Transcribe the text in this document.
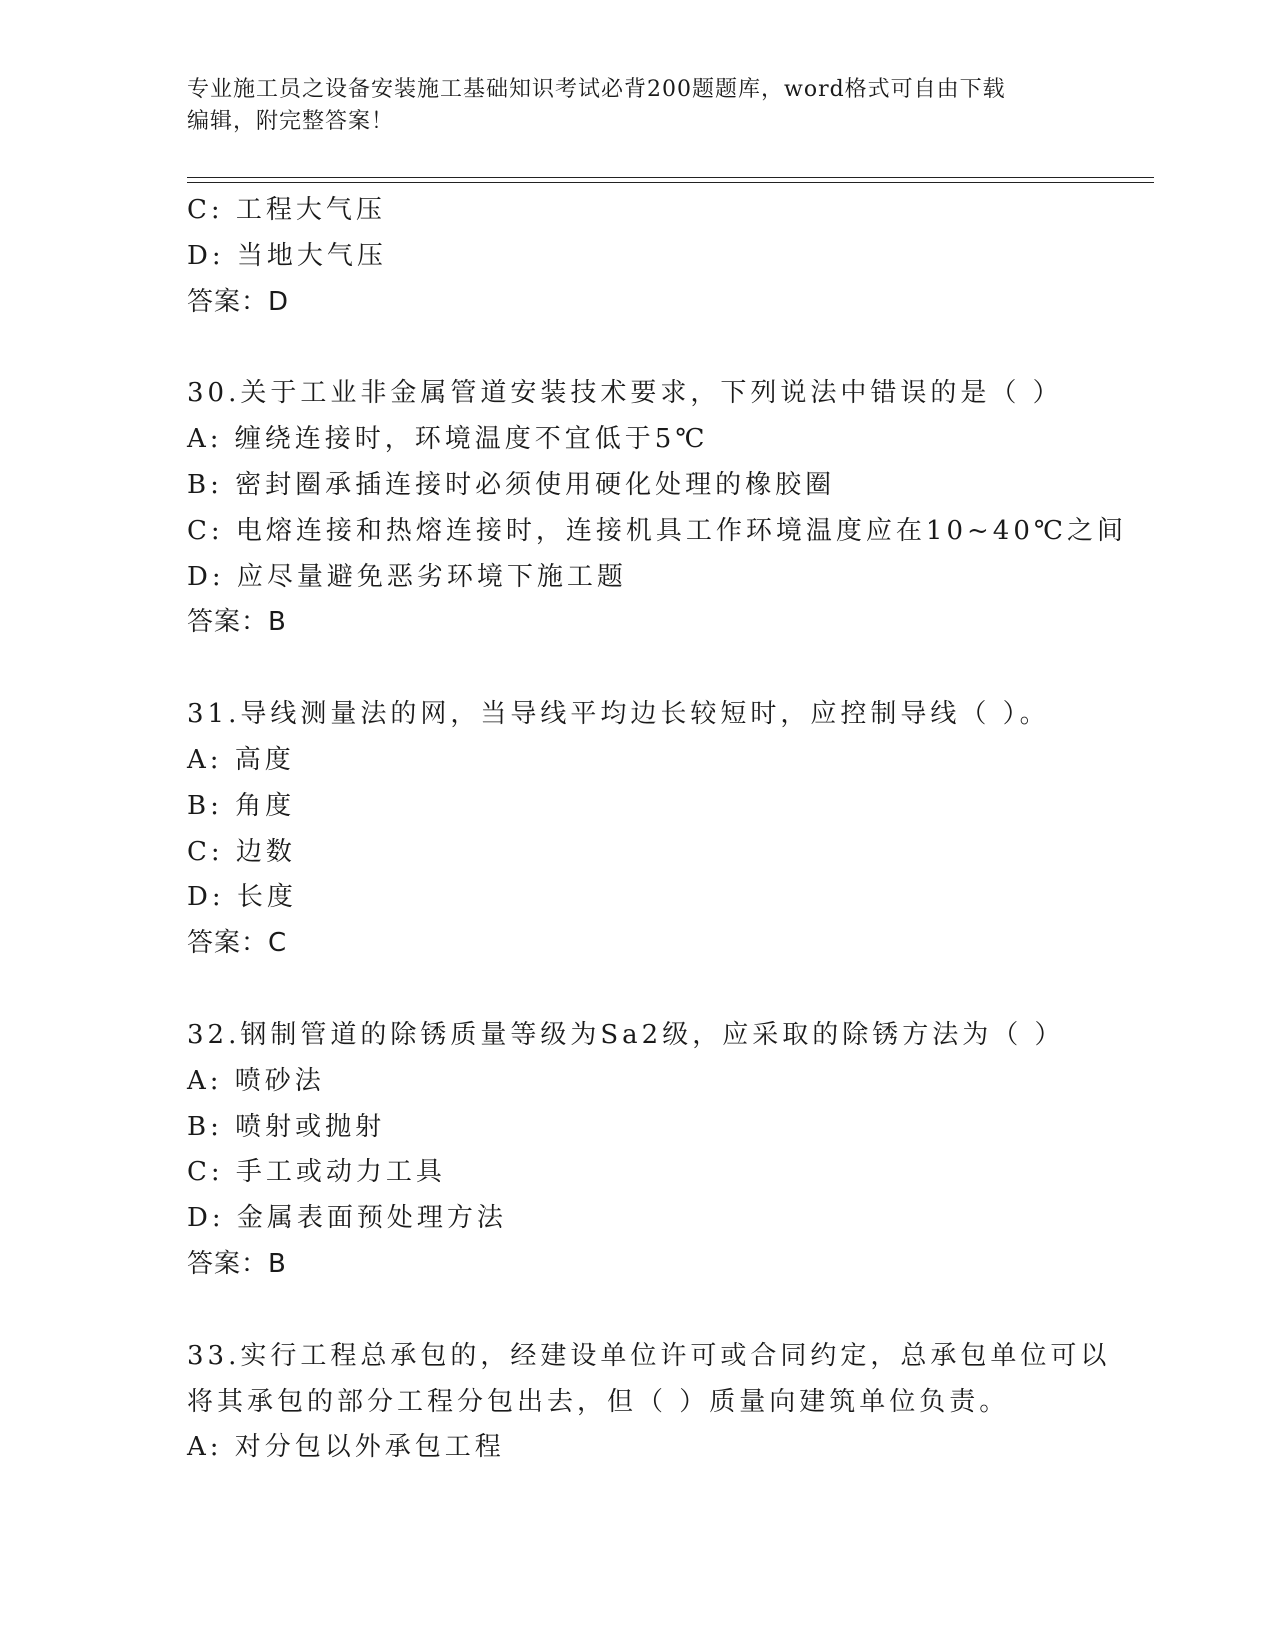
专业施工员之设备安装施工基础知识考试必背200题题库，word格式可自由下载
编辑，附完整答案！
C: 工程大气压
D: 当地大气压
答案：D
30.关于工业非金属管道安装技术要求，下列说法中错误的是（ ）
A: 缠绕连接时，环境温度不宜低于5℃
B: 密封圈承插连接时必须使用硬化处理的橡胶圈
C: 电熔连接和热熔连接时，连接机具工作环境温度应在10~40℃之间
D: 应尽量避免恶劣环境下施工题
答案：B
31.导线测量法的网，当导线平均边长较短时，应控制导线（ ）。
A: 高度
B: 角度
C: 边数
D: 长度
答案：C
32.钢制管道的除锈质量等级为Sa2级，应采取的除锈方法为（ ）
A: 喷砂法
B: 喷射或抛射
C: 手工或动力工具
D: 金属表面预处理方法
答案：B
33.实行工程总承包的，经建设单位许可或合同约定，总承包单位可以
将其承包的部分工程分包出去，但（ ）质量向建筑单位负责。
A: 对分包以外承包工程
